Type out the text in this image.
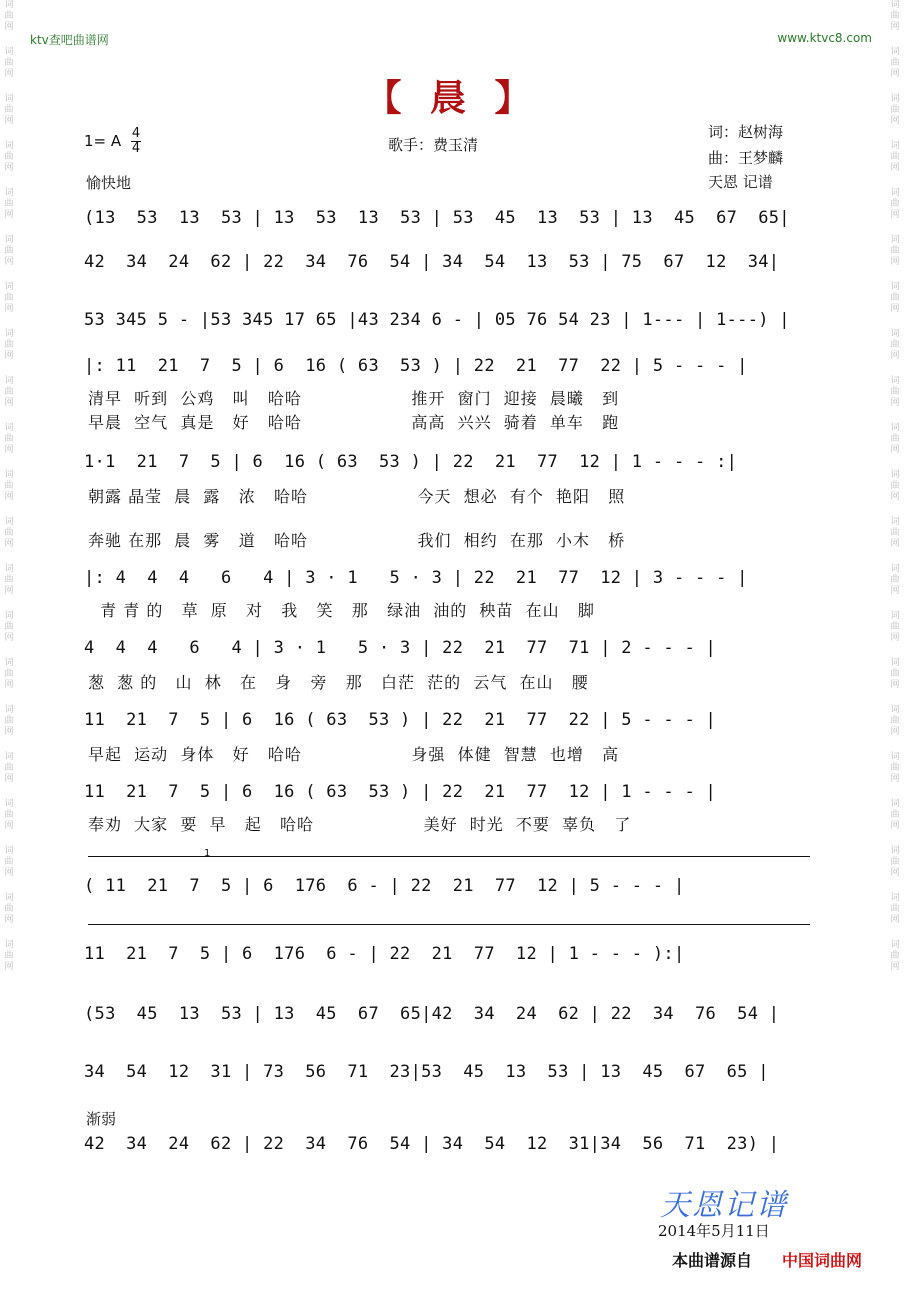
词
曲
网
词
曲
网
词
曲
网
词
曲
网
词
曲
网
词
曲
网
词
曲
网
词
曲
网
词
曲
网
词
曲
网
词
曲
网
词
曲
网
词
曲
网
词
曲
网
词
曲
网
词
曲
网
词
曲
网
词
曲
网
词
曲
网
词
曲
网
词
曲
网
词
曲
网
词
曲
网
词
曲
网
词
曲
网
词
曲
网
词
曲
网
词
曲
网
词
曲
网
词
曲
网
词
曲
网
词
曲
网
词
曲
网
词
曲
网
词
曲
网
词
曲
网
词
曲
网
词
曲
网
词
曲
网
词
曲
网
词
曲
网
词
曲
网
ktv查吧曲谱网	www.ktvc8.com
【 晨 】
1= A 4
4
愉快地
歌手：费玉清
词：赵树海
曲：王梦麟
天恩 记谱
(13  53  13  53 | 13  53  13  53 | 53  45  13  53 | 13  45  67  65|
42  34  24  62 | 22  34  76  54 | 34  54  13  53 | 75  67  12  34|
53 345 5 - |53 345 17 65 |43 234 6 - | 05 76 54 23 | 1--- | 1---) |
|: 11  21  7  5 | 6  16 ( 63  53 ) | 22  21  77  22 | 5 - - - |
清早  听到  公鸡   叫   哈哈                  推开  窗门  迎接  晨曦   到
早晨  空气  真是   好   哈哈                  高高  兴兴  骑着  单车   跑
1·1  21  7  5 | 6  16 ( 63  53 ) | 22  21  77  12 | 1 - - - :|
朝露 晶莹  晨  露   浓   哈哈                  今天  想必  有个  艳阳   照
奔驰 在那  晨  雾   道   哈哈                  我们  相约  在那  小木   桥
|: 4  4  4   6   4 | 3 · 1   5 · 3 | 22  21  77  12 | 3 - - - |
青 青 的   草  原   对   我   笑   那   绿油  油的  秧苗  在山   脚
4  4  4   6   4 | 3 · 1   5 · 3 | 22  21  77  71 | 2 - - - |
葱  葱 的   山  林   在   身   旁   那   白茫  茫的  云气  在山   腰
11  21  7  5 | 6  16 ( 63  53 ) | 22  21  77  22 | 5 - - - |
早起  运动  身体   好   哈哈                  身强  体健  智慧  也增   高
11  21  7  5 | 6  16 ( 63  53 ) | 22  21  77  12 | 1 - - - |
奉劝  大家  要  早   起   哈哈                  美好  时光  不要  辜负   了
1
( 11  21  7  5 | 6  176  6 - | 22  21  77  12 | 5 - - - |
11  21  7  5 | 6  176  6 - | 22  21  77  12 | 1 - - - ):|
(53  45  13  53 | 13  45  67  65|42  34  24  62 | 22  34  76  54 |
34  54  12  31 | 73  56  71  23|53  45  13  53 | 13  45  67  65 |
渐弱
42  34  24  62 | 22  34  76  54 | 34  54  12  31|34  56  71  23) |
天恩记谱
2014年5月11日
本曲谱源自 中国词曲网
